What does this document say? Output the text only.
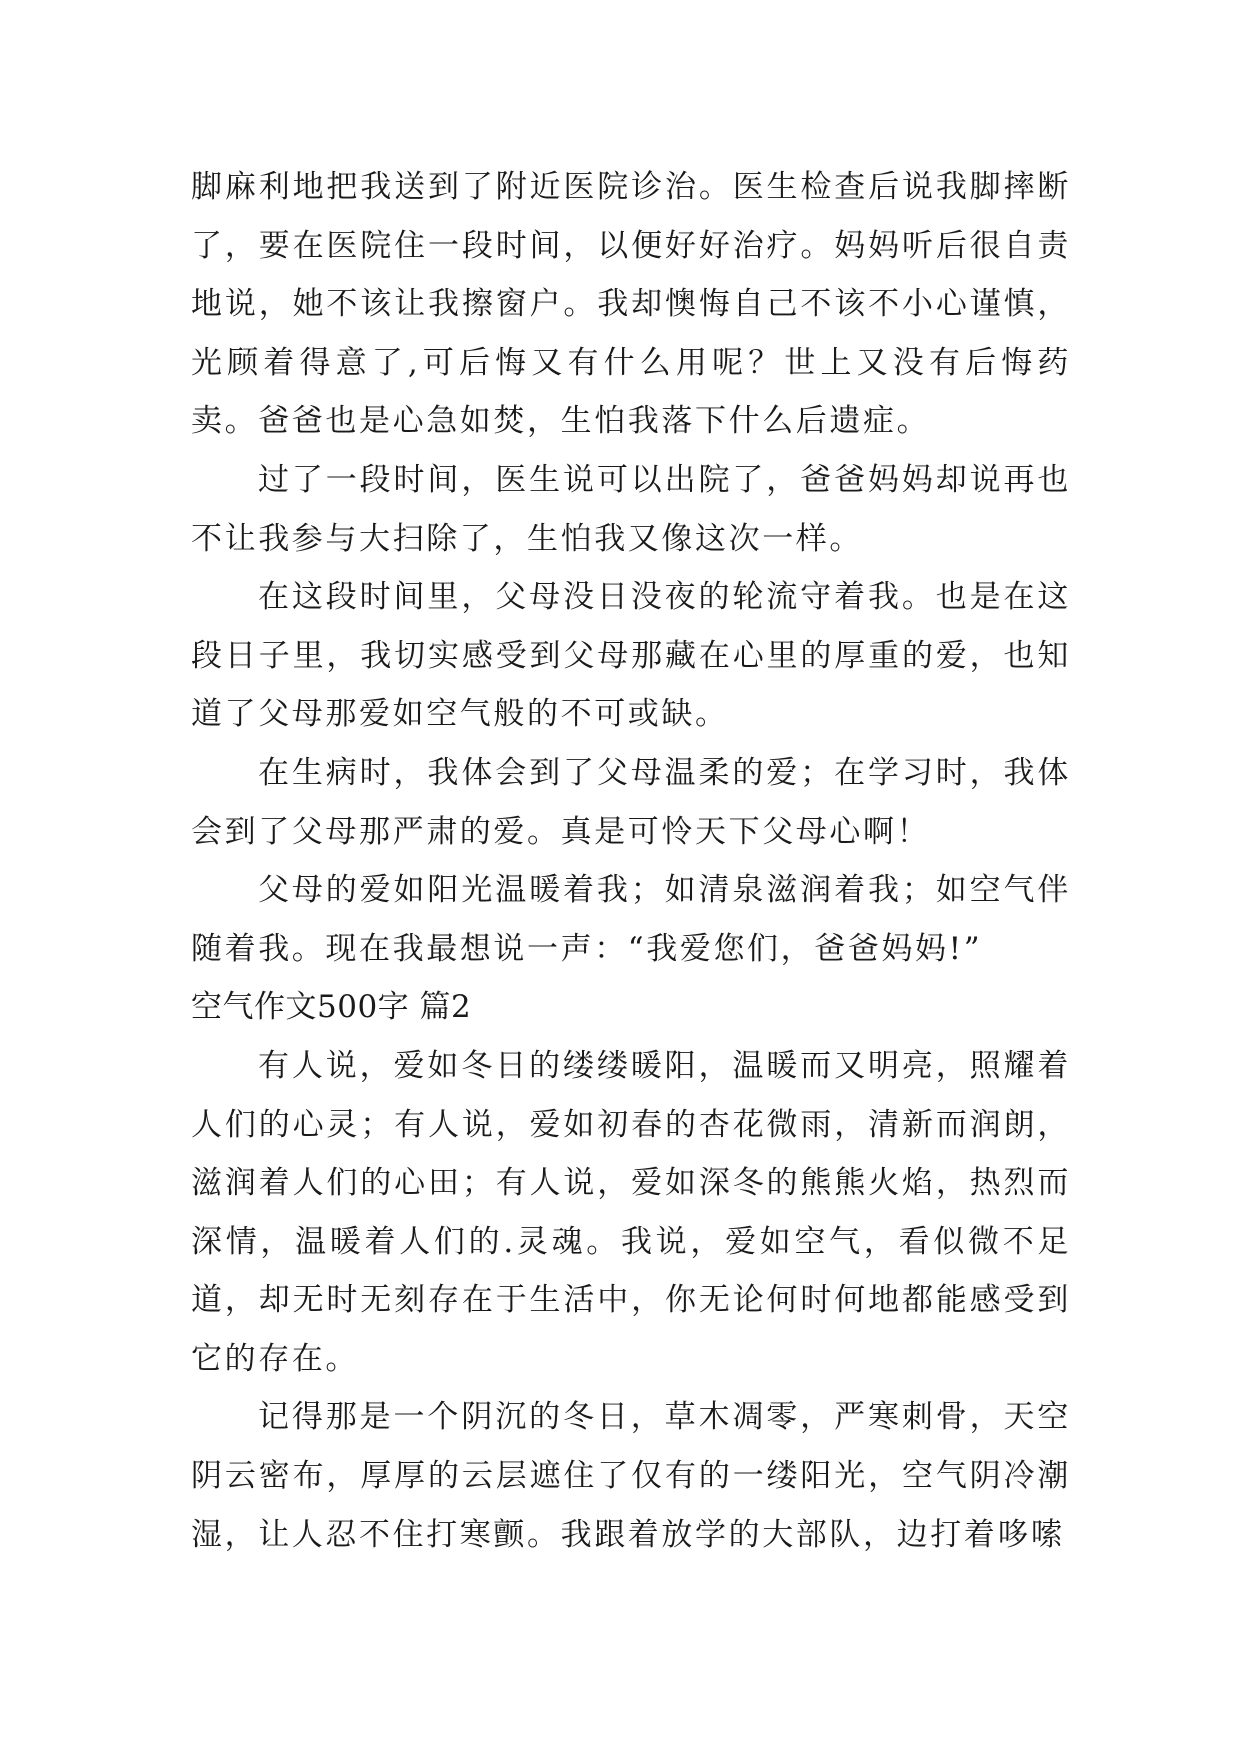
脚麻利地把我送到了附近医院诊治。医生检查后说我脚摔断了，要在医院住一段时间，以便好好治疗。妈妈听后很自责地说，她不该让我擦窗户。我却懊悔自己不该不小心谨慎，光顾着得意了,可后悔又有什么用呢？世上又没有后悔药卖。爸爸也是心急如焚，生怕我落下什么后遗症。

过了一段时间，医生说可以出院了，爸爸妈妈却说再也不让我参与大扫除了，生怕我又像这次一样。

在这段时间里，父母没日没夜的轮流守着我。也是在这段日子里，我切实感受到父母那藏在心里的厚重的爱，也知道了父母那爱如空气般的不可或缺。

在生病时，我体会到了父母温柔的爱；在学习时，我体会到了父母那严肃的爱。真是可怜天下父母心啊！

父母的爱如阳光温暖着我；如清泉滋润着我；如空气伴随着我。现在我最想说一声：“我爱您们，爸爸妈妈!”

空气作文500字 篇2

有人说，爱如冬日的缕缕暖阳，温暖而又明亮，照耀着人们的心灵；有人说，爱如初春的杏花微雨，清新而润朗，滋润着人们的心田；有人说，爱如深冬的熊熊火焰，热烈而深情，温暖着人们的.灵魂。我说，爱如空气，看似微不足道，却无时无刻存在于生活中，你无论何时何地都能感受到它的存在。

记得那是一个阴沉的冬日，草木凋零，严寒刺骨，天空阴云密布，厚厚的云层遮住了仅有的一缕阳光，空气阴冷潮湿，让人忍不住打寒颤。我跟着放学的大部队，边打着哆嗦
